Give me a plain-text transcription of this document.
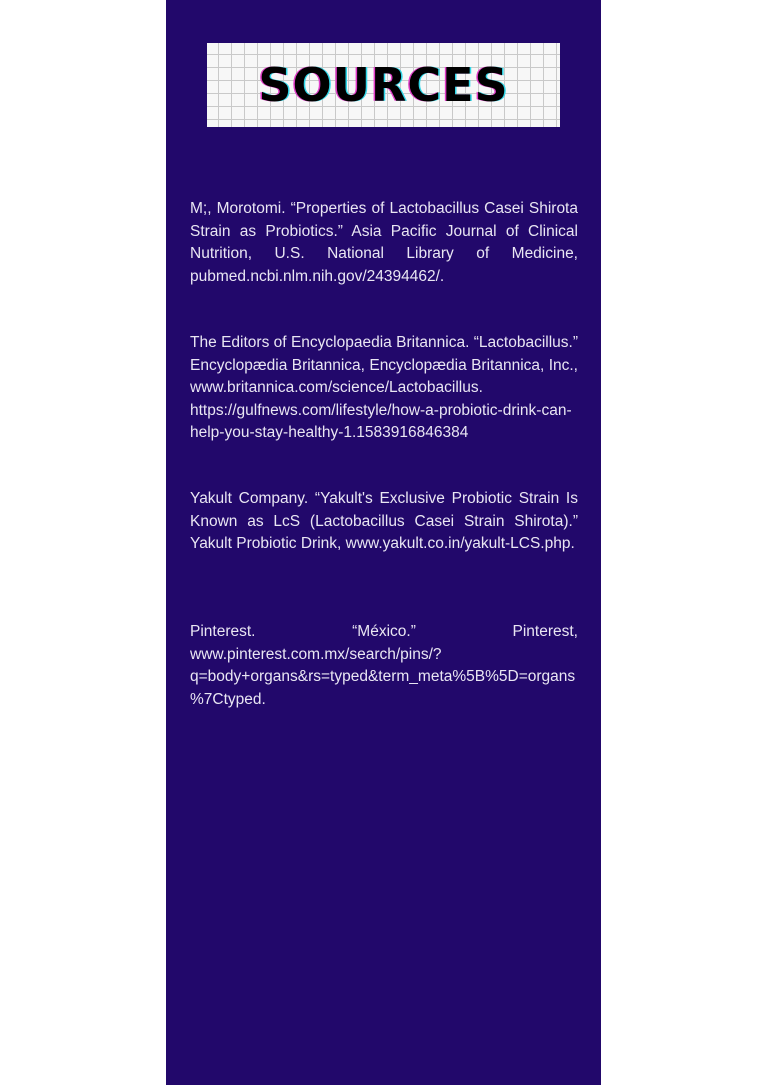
SOURCES

M;, Morotomi. “Properties of Lactobacillus Casei Shirota Strain as Probiotics.” Asia Pacific Journal of Clinical Nutrition, U.S. National Library of Medicine, pubmed.ncbi.nlm.nih.gov/24394462/.

The Editors of Encyclopaedia Britannica. “Lactobacillus.” Encyclopædia Britannica, Encyclopædia Britannica, Inc., www.britannica.com/science/Lactobacillus.
https://gulfnews.com/lifestyle/how-a-probiotic-drink-can-help-you-stay-healthy-1.1583916846384

Yakult Company. “Yakult's Exclusive Probiotic Strain Is Known as LcS (Lactobacillus Casei Strain Shirota).” Yakult Probiotic Drink, www.yakult.co.in/yakult-LCS.php.

Pinterest. “México.” Pinterest, www.pinterest.com.mx/search/pins/?q=body+organs&rs=typed&term_meta%5B%5D=organs%7Ctyped.
